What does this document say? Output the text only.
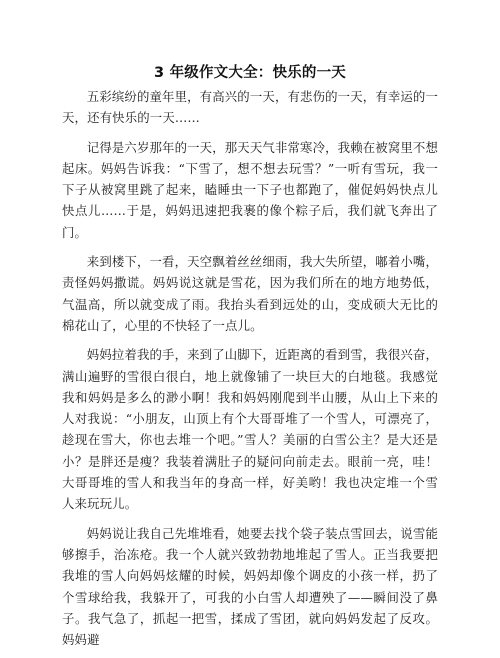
3 年级作文大全：快乐的一天

五彩缤纷的童年里，有高兴的一天，有悲伤的一天，有幸运的一天，还有快乐的一天……

记得是六岁那年的一天，那天天气非常寒冷，我赖在被窝里不想起床。妈妈告诉我：“下雪了，想不想去玩雪？”一听有雪玩，我一下子从被窝里跳了起来，瞌睡虫一下子也都跑了，催促妈妈快点儿快点儿……于是，妈妈迅速把我裹的像个粽子后，我们就飞奔出了门。

来到楼下，一看，天空飘着丝丝细雨，我大失所望，嘟着小嘴，责怪妈妈撒谎。妈妈说这就是雪花，因为我们所在的地方地势低，气温高，所以就变成了雨。我抬头看到远处的山，变成硕大无比的棉花山了，心里的不快轻了一点儿。

妈妈拉着我的手，来到了山脚下，近距离的看到雪，我很兴奋，满山遍野的雪很白很白，地上就像铺了一块巨大的白地毯。我感觉我和妈妈是多么的渺小啊！我和妈妈刚爬到半山腰，从山上下来的人对我说：“小朋友，山顶上有个大哥哥堆了一个雪人，可漂亮了，趁现在雪大，你也去堆一个吧。”雪人？美丽的白雪公主？是大还是小？是胖还是瘦？我装着满肚子的疑问向前走去。眼前一亮，哇！大哥哥堆的雪人和我当年的身高一样，好美哟！我也决定堆一个雪人来玩玩儿。

妈妈说让我自己先堆堆看，她要去找个袋子装点雪回去，说雪能够擦手，治冻疮。我一个人就兴致勃勃地堆起了雪人。正当我要把我堆的雪人向妈妈炫耀的时候，妈妈却像个调皮的小孩一样，扔了个雪球给我，我躲开了，可我的小白雪人却遭殃了——瞬间没了鼻子。我气急了，抓起一把雪，揉成了雪团，就向妈妈发起了反攻。妈妈避
